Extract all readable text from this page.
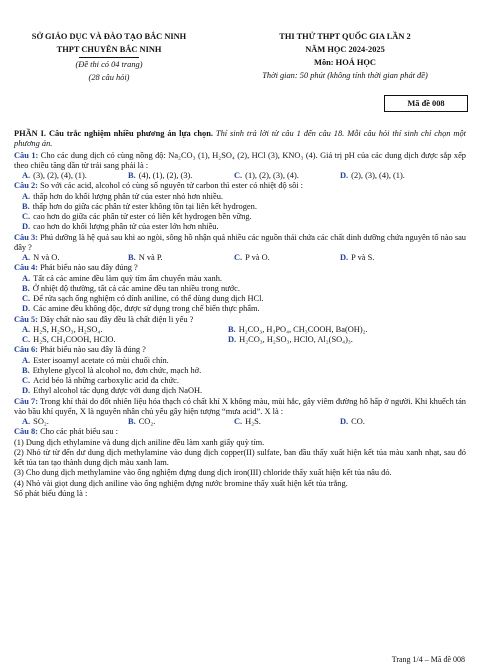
SỞ GIÁO DỤC VÀ ĐÀO TẠO BẮC NINH
THPT CHUYÊN BẮC NINH
(Đề thi có 04 trang)
(28 câu hỏi)
THI THỬ THPT QUỐC GIA LẦN 2
NĂM HỌC 2024-2025
Môn: HOÁ HỌC
Thời gian: 50 phút (không tính thời gian phát đề)
Mã đề 008

PHẦN I. Câu trắc nghiệm nhiều phương án lựa chọn. Thí sinh trả lời từ câu 1 đến câu 18. Mỗi câu hỏi thí sinh chỉ chọn một phương án.

Câu 1: Cho các dung dịch có cùng nồng độ: Na₂CO₃ (1), H₂SO₄ (2), HCl (3), KNO₃ (4). Giá trị pH của các dung dịch được sắp xếp theo chiều tăng dần từ trái sang phải là :

A. (3), (2), (4), (1).	B. (4), (1), (2), (3).	C. (1), (2), (3), (4).	D. (2), (3), (4), (1).

Câu 2: So với các acid, alcohol có cùng số nguyên tử carbon thì ester có nhiệt độ sôi :

A. thấp hơn do khối lượng phân tử của ester nhỏ hơn nhiều.
B. thấp hơn do giữa các phân tử ester không tồn tại liên kết hydrogen.
C. cao hơn do giữa các phân tử ester có liên kết hydrogen bền vững.
D. cao hơn do khối lượng phân tử của ester lớn hơn nhiều.

Câu 3: Phú dưỡng là hệ quả sau khi ao ngòi, sông hồ nhận quá nhiều các nguồn thải chứa các chất dinh dưỡng chứa nguyên tố nào sau đây ?

A. N và O.	B. N và P.	C. P và O.	D. P và S.

Câu 4: Phát biểu nào sau đây đúng ?

A. Tất cả các amine đều làm quỳ tím ẩm chuyển màu xanh.
B. Ở nhiệt độ thường, tất cả các amine đều tan nhiều trong nước.
C. Để rửa sạch ống nghiệm có dính aniline, có thể dùng dung dịch HCl.
D. Các amine đều không độc, được sử dụng trong chế biến thực phẩm.

Câu 5: Dãy chất nào sau đây đều là chất điện li yếu ?

A. H₂S, H₂SO₃, H₂SO₄.	B. H₂CO₃, H₃PO₄, CH₃COOH, Ba(OH)₂.
C. H₂S, CH₃COOH, HClO.	D. H₂CO₃, H₂SO₃, HClO, Al₂(SO₄)₃.

Câu 6: Phát biểu nào sau đây là đúng ?

A. Ester isoamyl acetate có mùi chuối chín.
B. Ethylene glycol là alcohol no, đơn chức, mạch hở.
C. Acid béo là những carboxylic acid đa chức.
D. Ethyl alcohol tác dụng được với dung dịch NaOH.

Câu 7: Trong khí thải do đốt nhiên liệu hóa thạch có chất khí X không màu, mùi hắc, gây viêm đường hô hấp ở người. Khi khuếch tán vào bầu khí quyển, X là nguyên nhân chủ yếu gây hiện tượng “mưa acid”. X là :

A. SO₂.	B. CO₂.	C. H₂S.	D. CO.

Câu 8: Cho các phát biểu sau :

(1) Dung dịch ethylamine và dung dịch aniline đều làm xanh giấy quỳ tím.

(2) Nhỏ từ từ đến dư dung dịch methylamine vào dung dịch copper(II) sulfate, ban đầu thấy xuất hiện kết tủa màu xanh nhạt, sau đó kết tủa tan tạo thành dung dịch màu xanh lam.

(3) Cho dung dịch methylamine vào ống nghiệm đựng dung dịch iron(III) chloride thấy xuất hiện kết tủa nâu đỏ.

(4) Nhỏ vài giọt dung dịch aniline vào ống nghiệm đựng nước bromine thấy xuất hiện kết tủa trắng.

Số phát biểu đúng là :

Trang 1/4 – Mã đề 008
